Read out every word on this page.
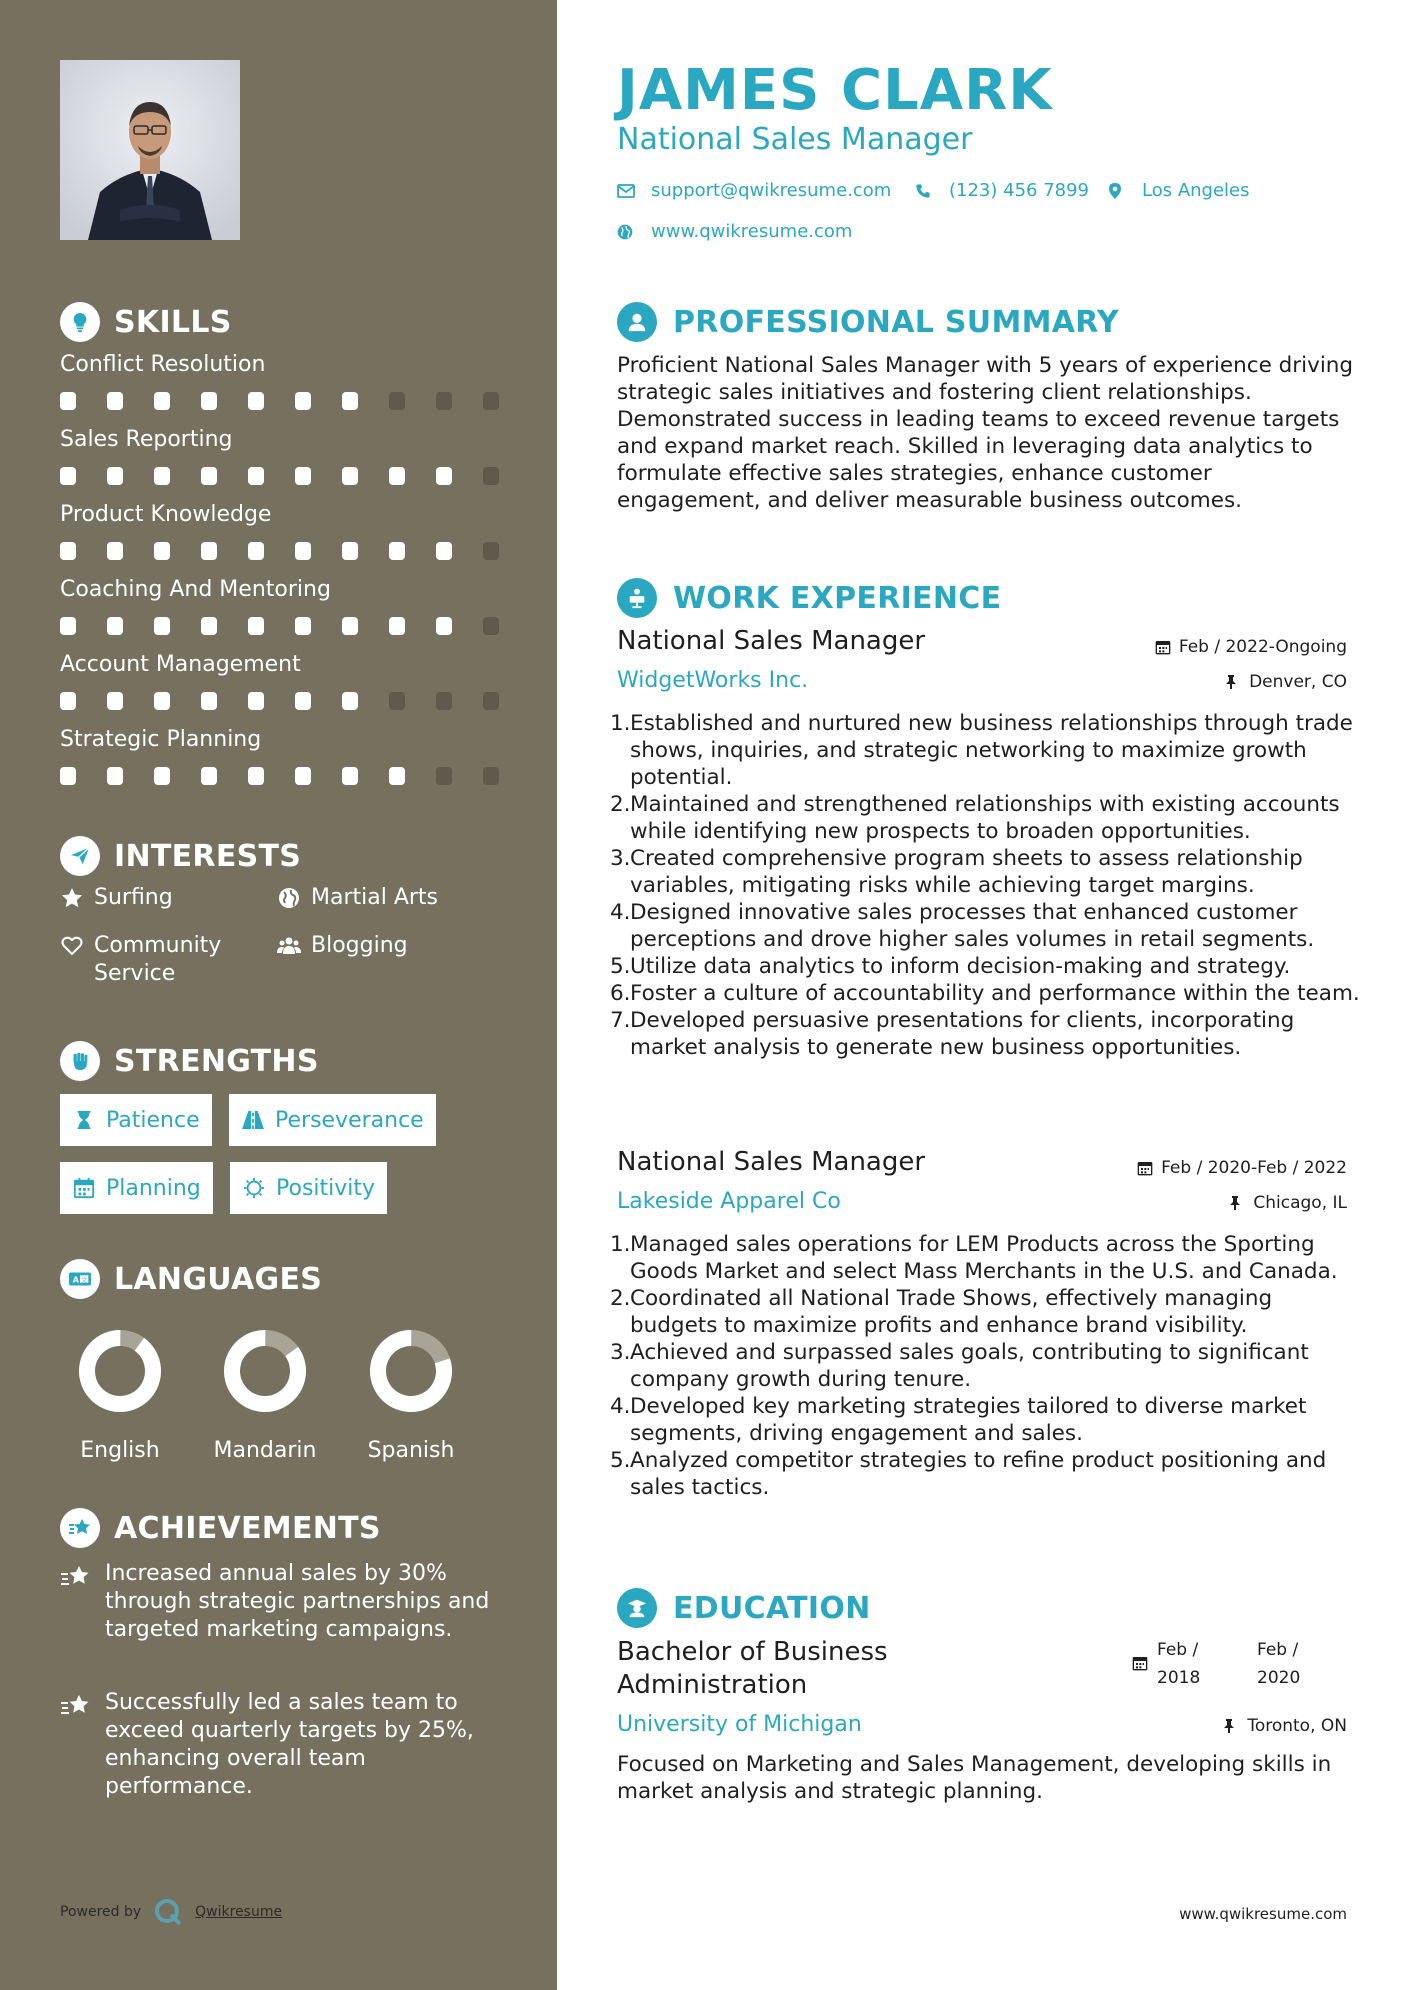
SKILLS
Conflict Resolution
Sales Reporting
Product Knowledge
Coaching And Mentoring
Account Management
Strategic Planning
INTERESTS
Surfing	Martial Arts
Community Service
Blogging
STRENGTHS
Patience	Perseverance
Planning	Positivity
A 文 LANGUAGES
English	Mandarin	Spanish
ACHIEVEMENTS
Increased annual sales by 30% through strategic partnerships and targeted marketing campaigns.
Successfully led a sales team to exceed quarterly targets by 25%, enhancing overall team performance.
Powered by	Qwikresume
JAMES CLARK
National Sales Manager
support@qwikresume.com	(123) 456 7899	Los Angeles
www.qwikresume.com
PROFESSIONAL SUMMARY
Proficient National Sales Manager with 5 years of experience driving strategic sales initiatives and fostering client relationships. Demonstrated success in leading teams to exceed revenue targets and expand market reach. Skilled in leveraging data analytics to formulate effective sales strategies, enhance customer engagement, and deliver measurable business outcomes.
WORK EXPERIENCE
National Sales Manager	Feb / 2022-Ongoing
WidgetWorks Inc.	Denver, CO
1. Established and nurtured new business relationships through trade shows, inquiries, and strategic networking to maximize growth potential.
2. Maintained and strengthened relationships with existing accounts while identifying new prospects to broaden opportunities.
3. Created comprehensive program sheets to assess relationship variables, mitigating risks while achieving target margins.
4. Designed innovative sales processes that enhanced customer perceptions and drove higher sales volumes in retail segments.
5. Utilize data analytics to inform decision-making and strategy.
6. Foster a culture of accountability and performance within the team.
7. Developed persuasive presentations for clients, incorporating market analysis to generate new business opportunities.
National Sales Manager	Feb / 2020-Feb / 2022
Lakeside Apparel Co	Chicago, IL
1. Managed sales operations for LEM Products across the Sporting Goods Market and select Mass Merchants in the U.S. and Canada.
2. Coordinated all National Trade Shows, effectively managing budgets to maximize profits and enhance brand visibility.
3. Achieved and surpassed sales goals, contributing to significant company growth during tenure.
4. Developed key marketing strategies tailored to diverse market segments, driving engagement and sales.
5. Analyzed competitor strategies to refine product positioning and sales tactics.
EDUCATION
Bachelor of Business Administration
Feb /
2018
Feb /
2020
University of Michigan	Toronto, ON
Focused on Marketing and Sales Management, developing skills in market analysis and strategic planning.
www.qwikresume.com
